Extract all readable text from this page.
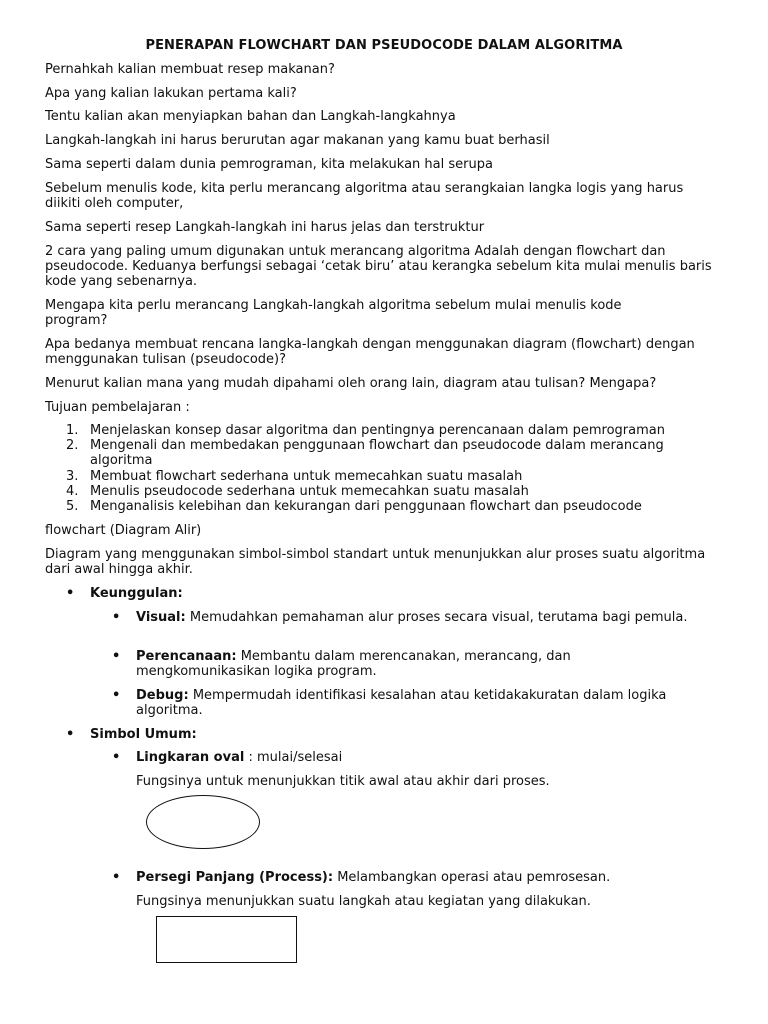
PENERAPAN FLOWCHART DAN PSEUDOCODE DALAM ALGORITMA
Pernahkah kalian membuat resep makanan?
Apa yang kalian lakukan pertama kali?
Tentu kalian akan menyiapkan bahan dan Langkah-langkahnya
Langkah-langkah ini harus berurutan agar makanan yang kamu buat berhasil
Sama seperti dalam dunia pemrograman, kita melakukan hal serupa
Sebelum menulis kode, kita perlu merancang algoritma atau serangkaian langka logis yang harus diikiti oleh computer,
Sama seperti resep Langkah-langkah ini harus jelas dan terstruktur
2 cara yang paling umum digunakan untuk merancang algoritma Adalah dengan flowchart dan pseudocode. Keduanya berfungsi sebagai ‘cetak biru’ atau kerangka sebelum kita mulai menulis baris kode yang sebenarnya.
Mengapa kita perlu merancang Langkah-langkah algoritma sebelum mulai menulis kode program?
Apa bedanya membuat rencana langka-langkah dengan menggunakan diagram (flowchart) dengan menggunakan tulisan (pseudocode)?
Menurut kalian mana yang mudah dipahami oleh orang lain, diagram atau tulisan? Mengapa?
Tujuan pembelajaran :
1. Menjelaskan konsep dasar algoritma dan pentingnya perencanaan dalam pemrograman
2. Mengenali dan membedakan penggunaan flowchart dan pseudocode dalam merancang algoritma
3. Membuat flowchart sederhana untuk memecahkan suatu masalah
4. Menulis pseudocode sederhana untuk memecahkan suatu masalah
5. Menganalisis kelebihan dan kekurangan dari penggunaan flowchart dan pseudocode
flowchart (Diagram Alir)
Diagram yang menggunakan simbol-simbol standart untuk menunjukkan alur proses suatu algoritma dari awal hingga akhir.
• Keunggulan:
• Visual: Memudahkan pemahaman alur proses secara visual, terutama bagi pemula.
• Perencanaan: Membantu dalam merencanakan, merancang, dan mengkomunikasikan logika program.
• Debug: Mempermudah identifikasi kesalahan atau ketidakakuratan dalam logika algoritma.
• Simbol Umum:
• Lingkaran oval : mulai/selesai
Fungsinya untuk menunjukkan titik awal atau akhir dari proses.
• Persegi Panjang (Process): Melambangkan operasi atau pemrosesan.
Fungsinya menunjukkan suatu langkah atau kegiatan yang dilakukan.
